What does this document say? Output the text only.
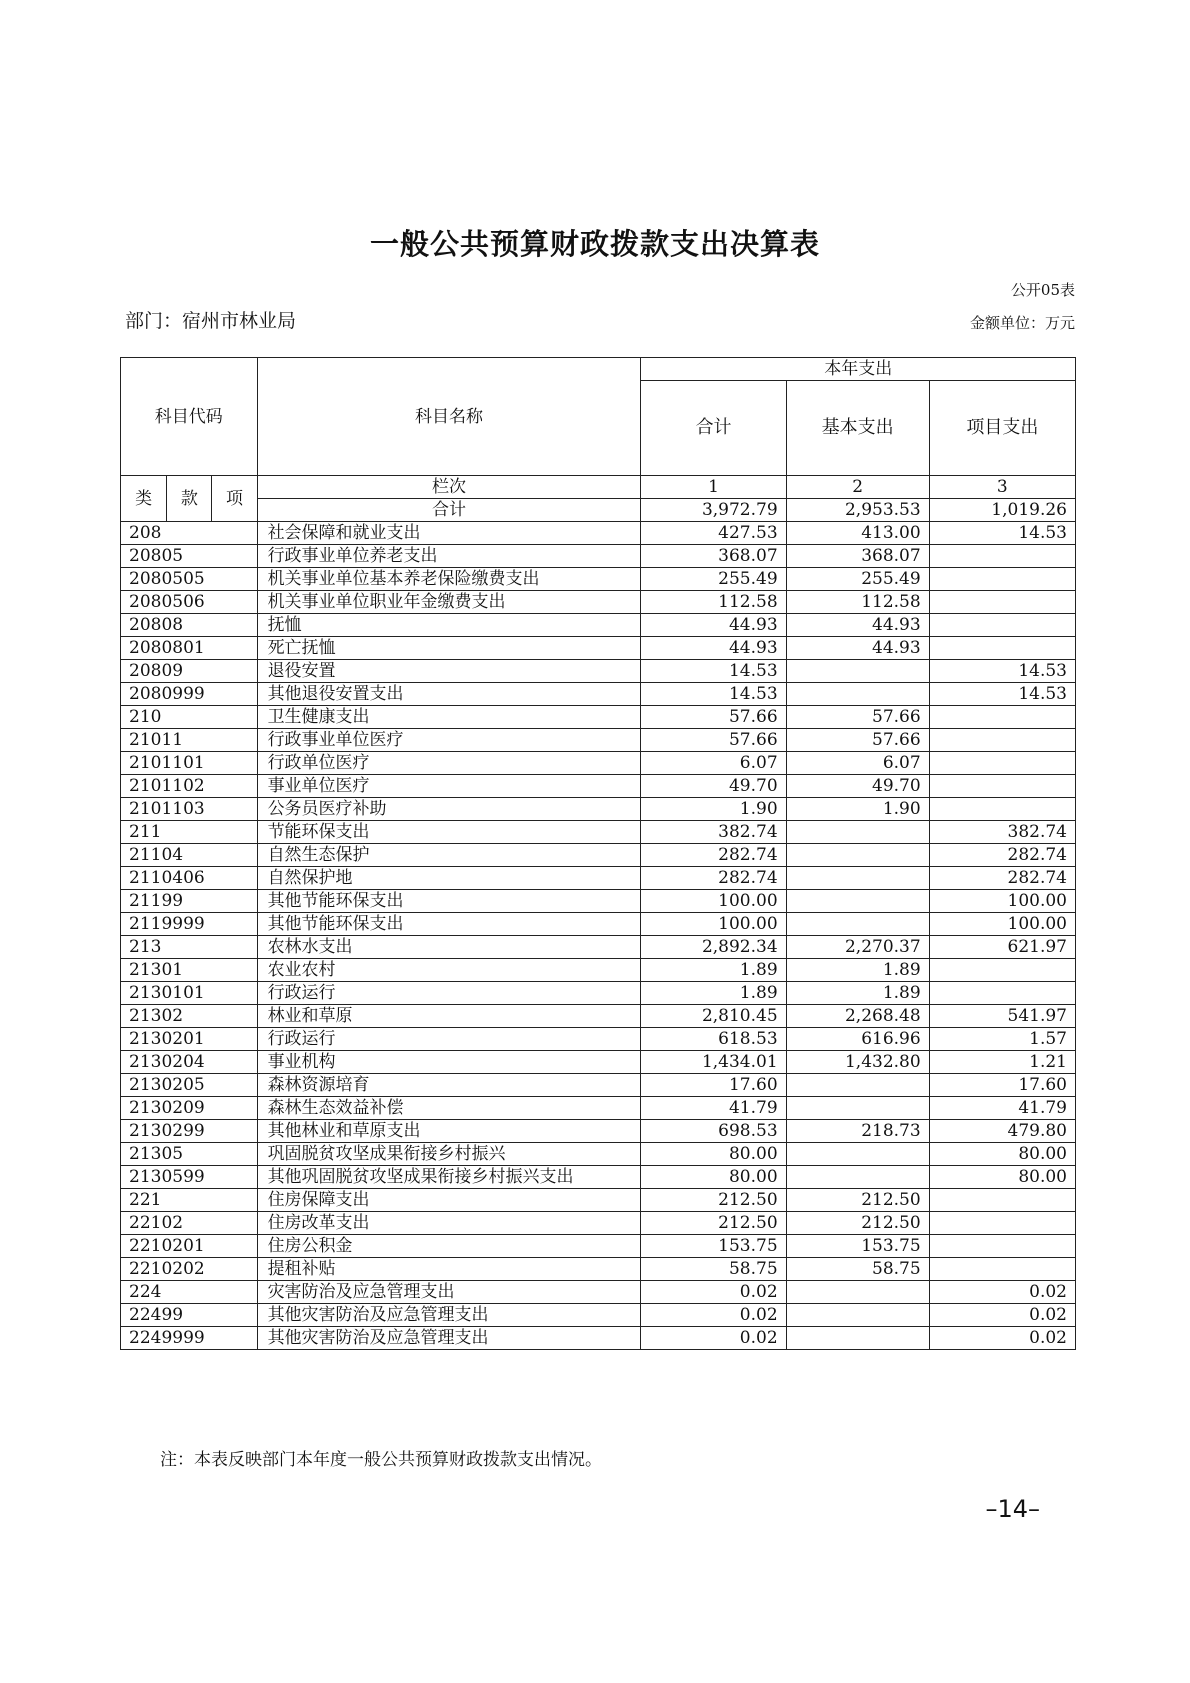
一般公共预算财政拨款支出决算表
公开05表
部门：宿州市林业局	金额单位：万元
科目代码			科目名称	本年支出		
				合计	基本支出	项目支出
类	款	项	栏次	1	2	3
			合计	3,972.79	2,953.53	1,019.26
208			社会保障和就业支出	427.53	413.00	14.53
20805			行政事业单位养老支出	368.07	368.07	
2080505			机关事业单位基本养老保险缴费支出	255.49	255.49	
2080506			机关事业单位职业年金缴费支出	112.58	112.58	
20808			抚恤	44.93	44.93	
2080801			死亡抚恤	44.93	44.93	
20809			退役安置	14.53		14.53
2080999			其他退役安置支出	14.53		14.53
210			卫生健康支出	57.66	57.66	
21011			行政事业单位医疗	57.66	57.66	
2101101			行政单位医疗	6.07	6.07	
2101102			事业单位医疗	49.70	49.70	
2101103			公务员医疗补助	1.90	1.90	
211			节能环保支出	382.74		382.74
21104			自然生态保护	282.74		282.74
2110406			自然保护地	282.74		282.74
21199			其他节能环保支出	100.00		100.00
2119999			其他节能环保支出	100.00		100.00
213			农林水支出	2,892.34	2,270.37	621.97
21301			农业农村	1.89	1.89	
2130101			行政运行	1.89	1.89	
21302			林业和草原	2,810.45	2,268.48	541.97
2130201			行政运行	618.53	616.96	1.57
2130204			事业机构	1,434.01	1,432.80	1.21
2130205			森林资源培育	17.60		17.60
2130209			森林生态效益补偿	41.79		41.79
2130299			其他林业和草原支出	698.53	218.73	479.80
21305			巩固脱贫攻坚成果衔接乡村振兴	80.00		80.00
2130599			其他巩固脱贫攻坚成果衔接乡村振兴支出	80.00		80.00
221			住房保障支出	212.50	212.50	
22102			住房改革支出	212.50	212.50	
2210201			住房公积金	153.75	153.75	
2210202			提租补贴	58.75	58.75	
224			灾害防治及应急管理支出	0.02		0.02
22499			其他灾害防治及应急管理支出	0.02		0.02
2249999			其他灾害防治及应急管理支出	0.02		0.02
注：本表反映部门本年度一般公共预算财政拨款支出情况。
–14–
